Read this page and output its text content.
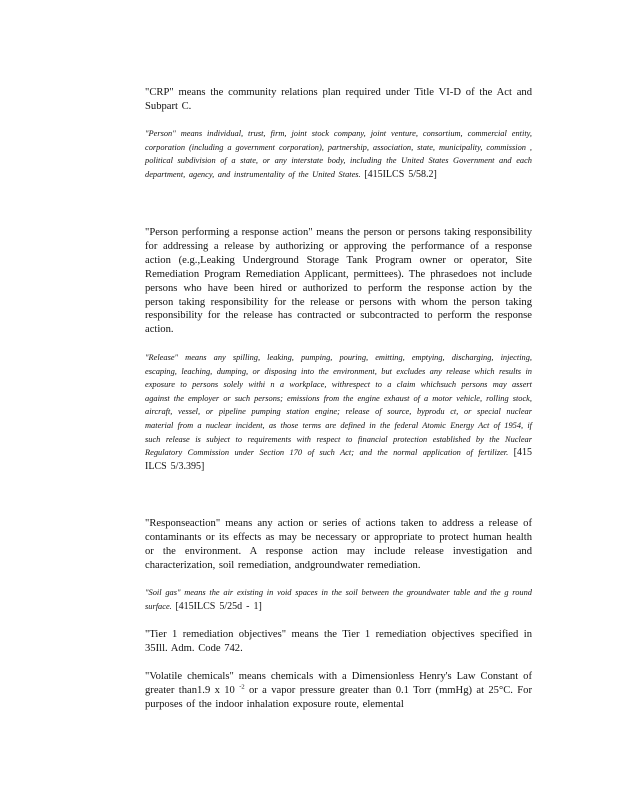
"CRP" means the community relations plan required under Title VI-D of the Act and Subpart C.

"Person" means individual, trust, firm, joint stock company, joint venture, consortium, commercial entity, corporation (including a government corporation), partnership, association, state, municipality, commission , political subdivision of a state, or any interstate body, including the United States Government and each department, agency, and instrumentality of the United States. [415ILCS 5/58.2]

"Person performing a response action" means the person or persons taking responsibility for addressing a release by authorizing or approving the performance of a response action (e.g.,Leaking Underground Storage Tank Program owner or operator, Site Remediation Program Remediation Applicant, permittees). The phrasedoes not include persons who have been hired or authorized to perform the response action by the person taking responsibility for the release or persons with whom the person taking responsibility for the release has contracted or subcontracted to perform the response action.

"Release" means any spilling, leaking, pumping, pouring, emitting, emptying, discharging, injecting, escaping, leaching, dumping, or disposing into the environment, but excludes any release which results in exposure to persons solely withi n a workplace, withrespect to a claim whichsuch persons may assert against the employer or such persons; emissions from the engine exhaust of a motor vehicle, rolling stock, aircraft, vessel, or pipeline pumping station engine; release of source, byprodu ct, or special nuclear material from a nuclear incident, as those terms are defined in the federal Atomic Energy Act of 1954, if such release is subject to requirements with respect to financial protection established by the Nuclear Regulatory Commission under Section 170 of such Act; and the normal application of fertilizer. [415 ILCS 5/3.395]

"Responseaction" means any action or series of actions taken to address a release of contaminants or its effects as may be necessary or appropriate to protect human health or the environment. A response action may include release investigation and characterization, soil remediation, andgroundwater remediation.

"Soil gas" means the air existing in void spaces in the soil between the groundwater table and the g round surface. [415ILCS 5/25d - 1]

"Tier 1 remediation objectives" means the Tier 1 remediation objectives specified in 35Ill. Adm. Code 742.

"Volatile chemicals" means chemicals with a Dimensionless Henry's Law Constant of greater than1.9 x 10 $^{-2}$ or a vapor pressure greater than 0.1 Torr (mmHg) at 25°C. For purposes of the indoor inhalation exposure route, elemental
